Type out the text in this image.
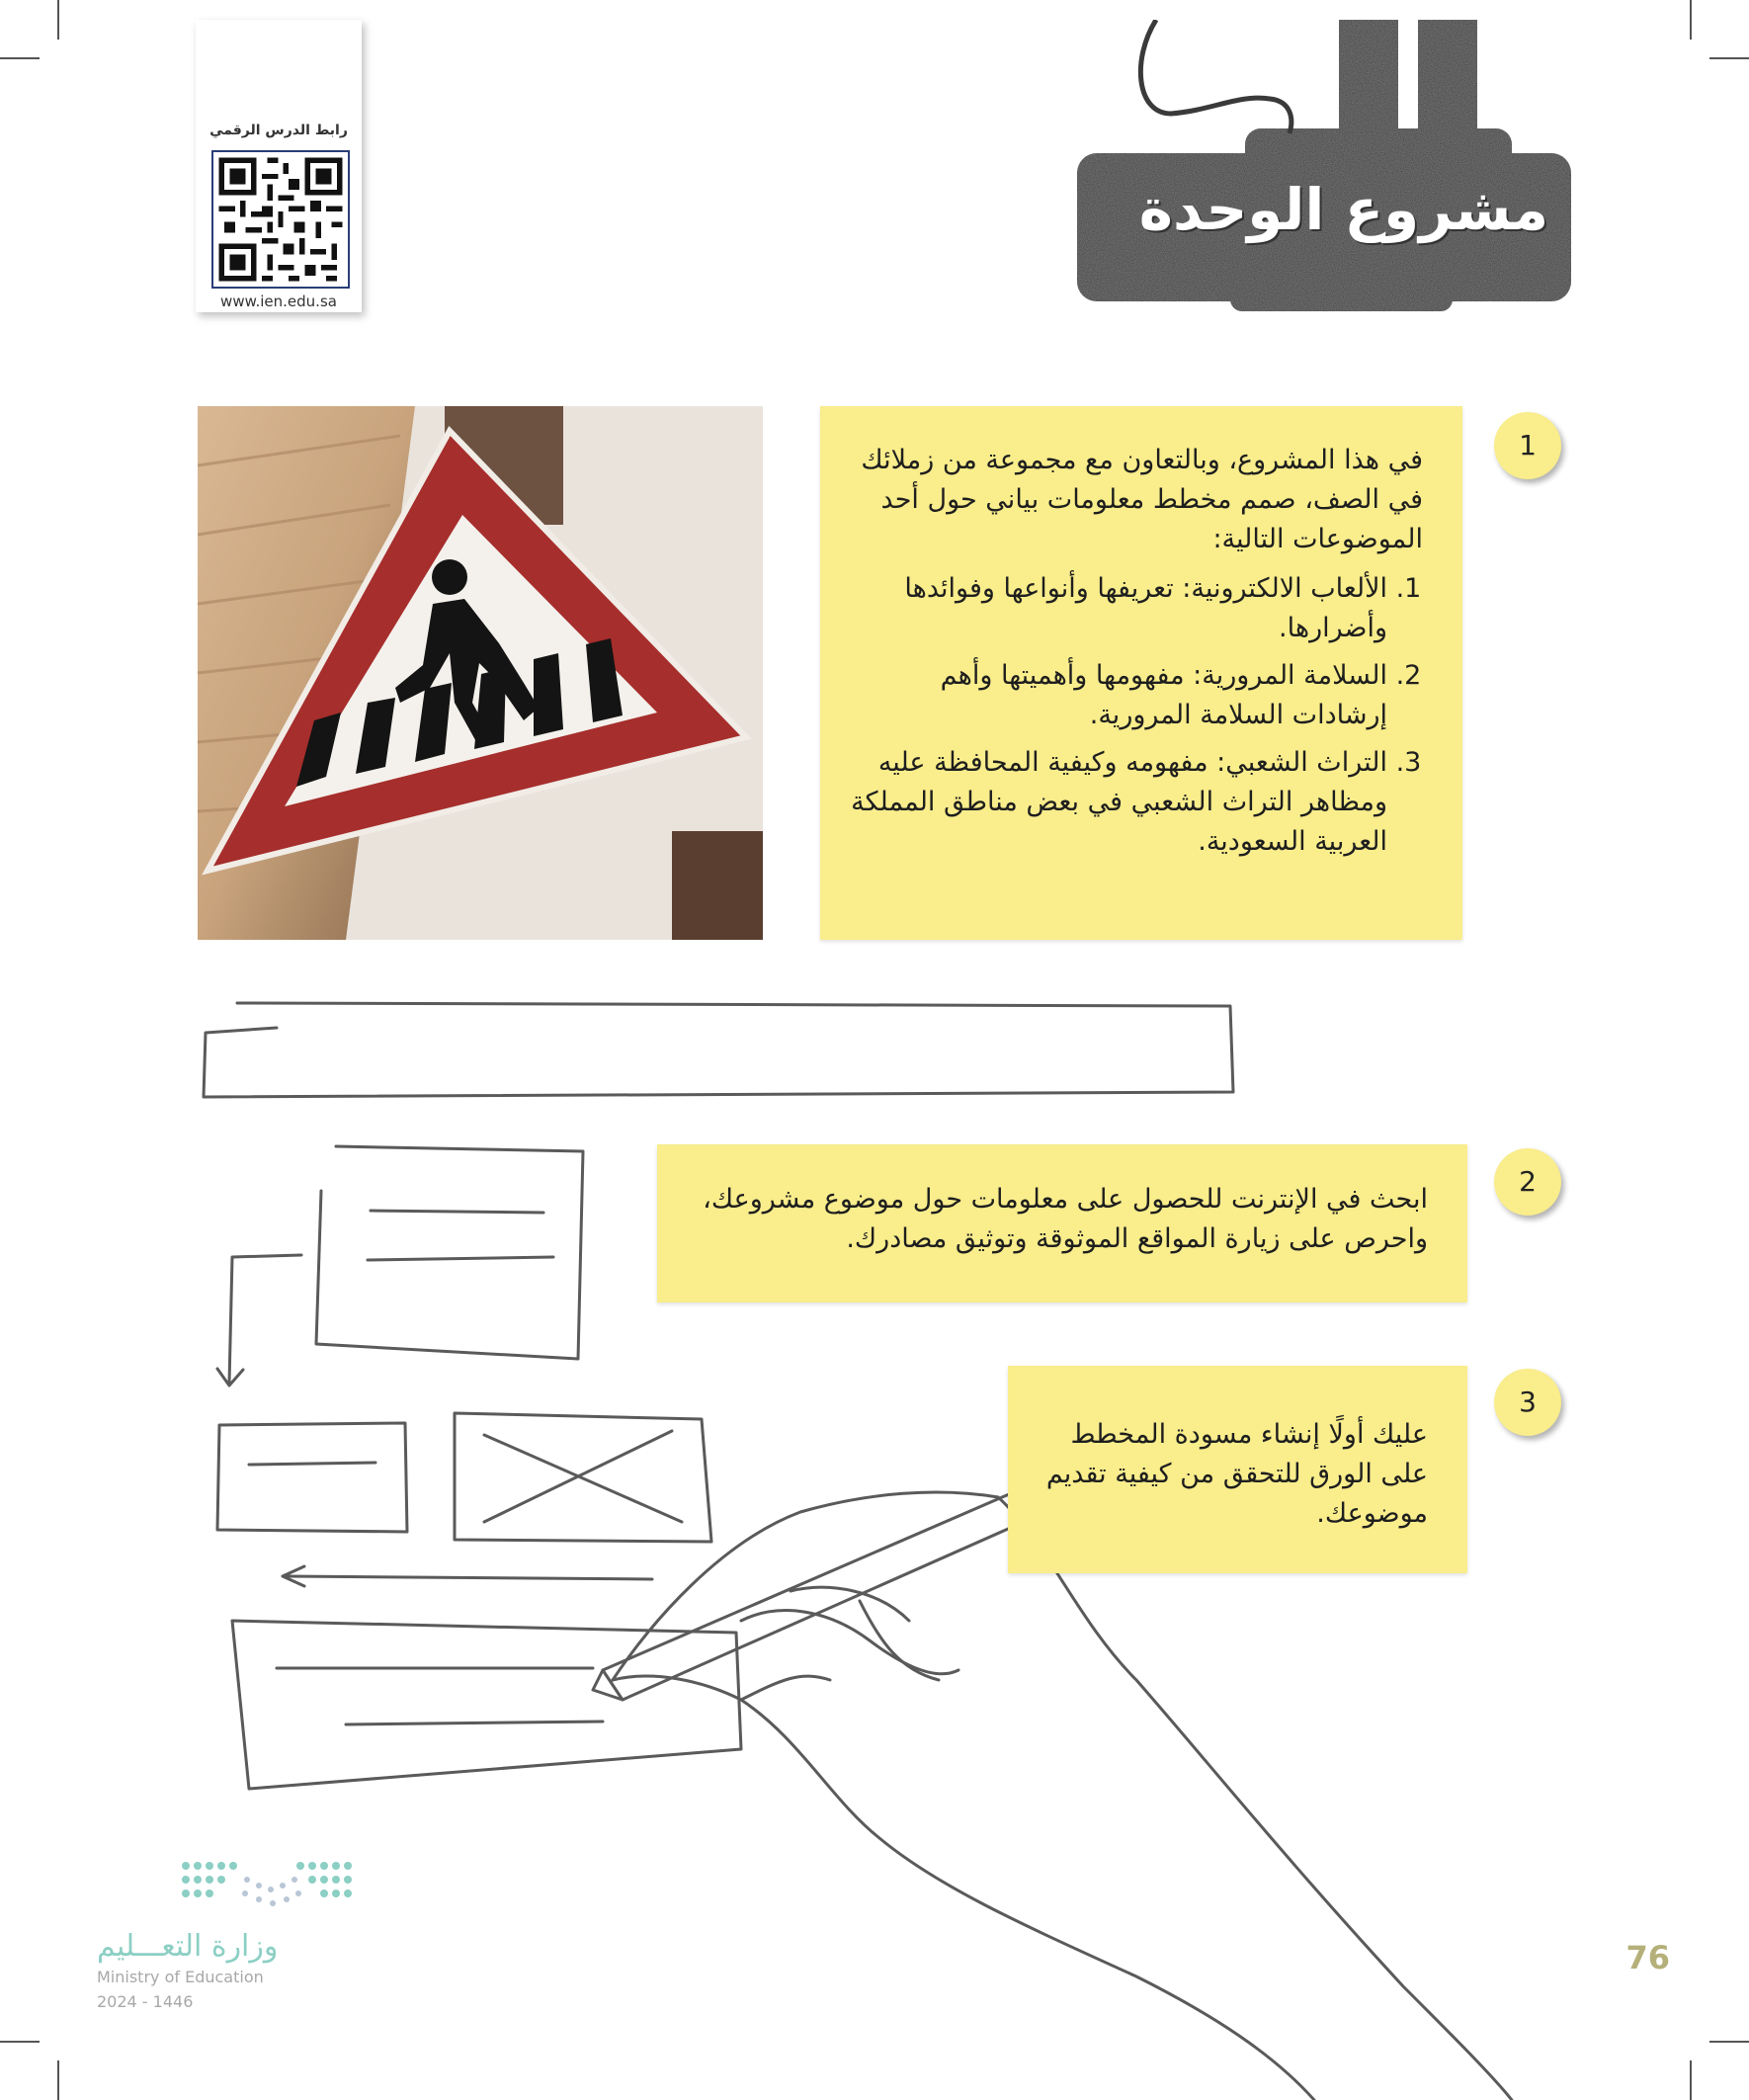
رابط الدرس الرقمي
www.ien.edu.sa
مشروع الوحدة
1

في هذا المشروع، وبالتعاون مع مجموعة من زملائك في الصف، صمم مخطط معلومات بياني حول أحد الموضوعات التالية:

1. الألعاب الالكترونية: تعريفها وأنواعها وفوائدها وأضرارها.
2. السلامة المرورية: مفهومها وأهميتها وأهم إرشادات السلامة المرورية.
3. التراث الشعبي: مفهومه وكيفية المحافظة عليه ومظاهر التراث الشعبي في بعض مناطق المملكة العربية السعودية.
2

ابحث في الإنترنت للحصول على معلومات حول موضوع مشروعك، واحرص على زيارة المواقع الموثوقة وتوثيق مصادرك.

3

عليك أولًا إنشاء مسودة المخطط على الورق للتحقق من كيفية تقديم موضوعك.

وزارة التعـــليم
Ministry of Education
2024 - 1446
76
